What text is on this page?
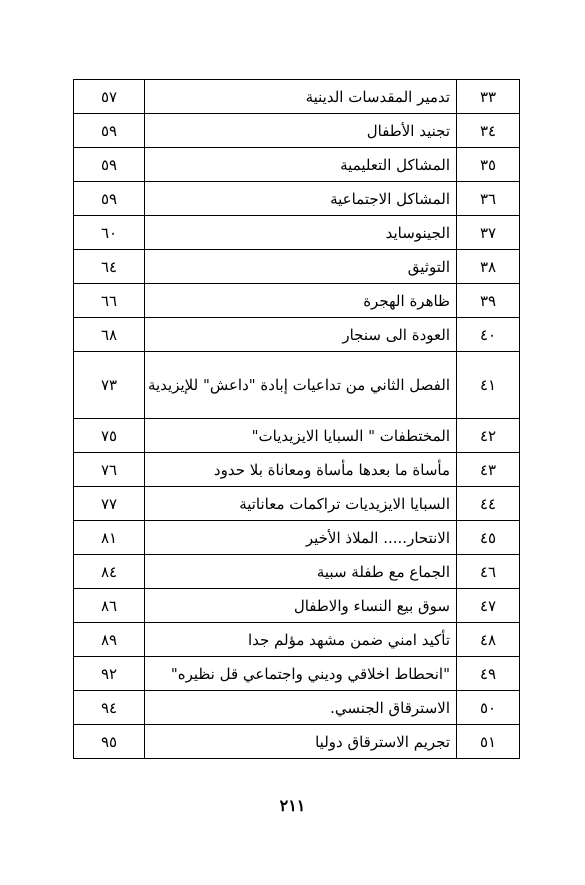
٣٣	تدمير المقدسات الدينية	٥٧
٣٤	تجنيد الأطفال	٥٩
٣٥	المشاكل التعليمية	٥٩
٣٦	المشاكل الاجتماعية	٥٩
٣٧	الجينوسايد	٦٠
٣٨	التوثيق	٦٤
٣٩	ظاهرة الهجرة	٦٦
٤٠	العودة الى سنجار	٦٨
٤١	الفصل الثاني من تداعيات إبادة "داعش" للإيزيدية	٧٣
٤٢	المختطفات " السبايا الايزيديات"	٧٥
٤٣	مأساة ما بعدها مأساة ومعاناة بلا حدود	٧٦
٤٤	السبايا الايزيديات تراكمات معاناتية	٧٧
٤٥	الانتحار..... الملاذ الأخير	٨١
٤٦	الجماع مع طفلة سبية	٨٤
٤٧	سوق بيع النساء والاطفال	٨٦
٤٨	تأكيد امني ضمن مشهد مؤلم جدا	٨٩
٤٩	"انحطاط اخلاقي وديني واجتماعي قل نظيره"	٩٢
٥٠	الاسترقاق الجنسي.	٩٤
٥١	تجريم الاسترقاق دوليا	٩٥
٢١١
